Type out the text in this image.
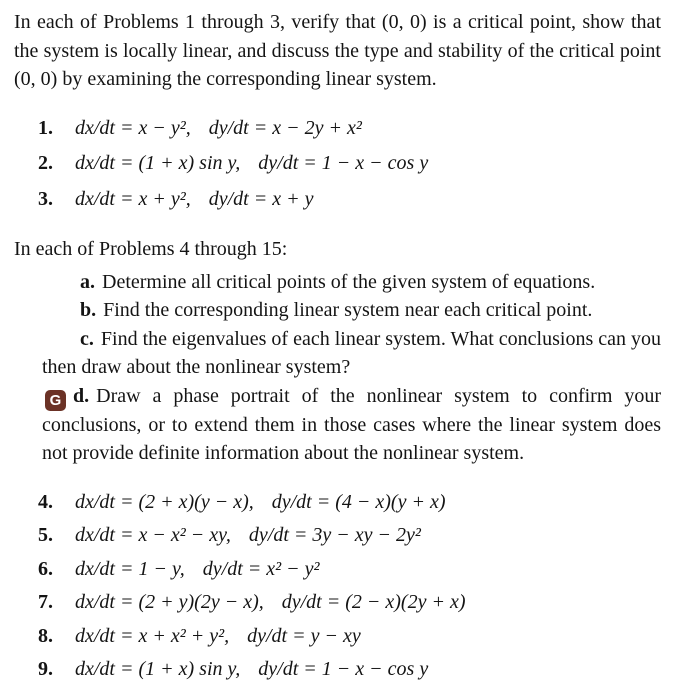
In each of Problems 1 through 3, verify that (0, 0) is a critical point, show that the system is locally linear, and discuss the type and stability of the critical point (0, 0) by examining the corresponding linear system.

1.	dx/dt = x − y², dy/dt = x − 2y + x²
2.	dx/dt = (1 + x) sin y, dy/dt = 1 − x − cos y
3.	dx/dt = x + y², dy/dt = x + y

In each of Problems 4 through 15:

a. Determine all critical points of the given system of equations.

b. Find the corresponding linear system near each critical point.

c. Find the eigenvalues of each linear system. What conclusions can you then draw about the nonlinear system?

G d. Draw a phase portrait of the nonlinear system to confirm your conclusions, or to extend them in those cases where the linear system does not provide definite information about the nonlinear system.

4.	dx/dt = (2 + x)(y − x), dy/dt = (4 − x)(y + x)
5.	dx/dt = x − x² − xy, dy/dt = 3y − xy − 2y²
6.	dx/dt = 1 − y, dy/dt = x² − y²
7.	dx/dt = (2 + y)(2y − x), dy/dt = (2 − x)(2y + x)
8.	dx/dt = x + x² + y², dy/dt = y − xy
9.	dx/dt = (1 + x) sin y, dy/dt = 1 − x − cos y
